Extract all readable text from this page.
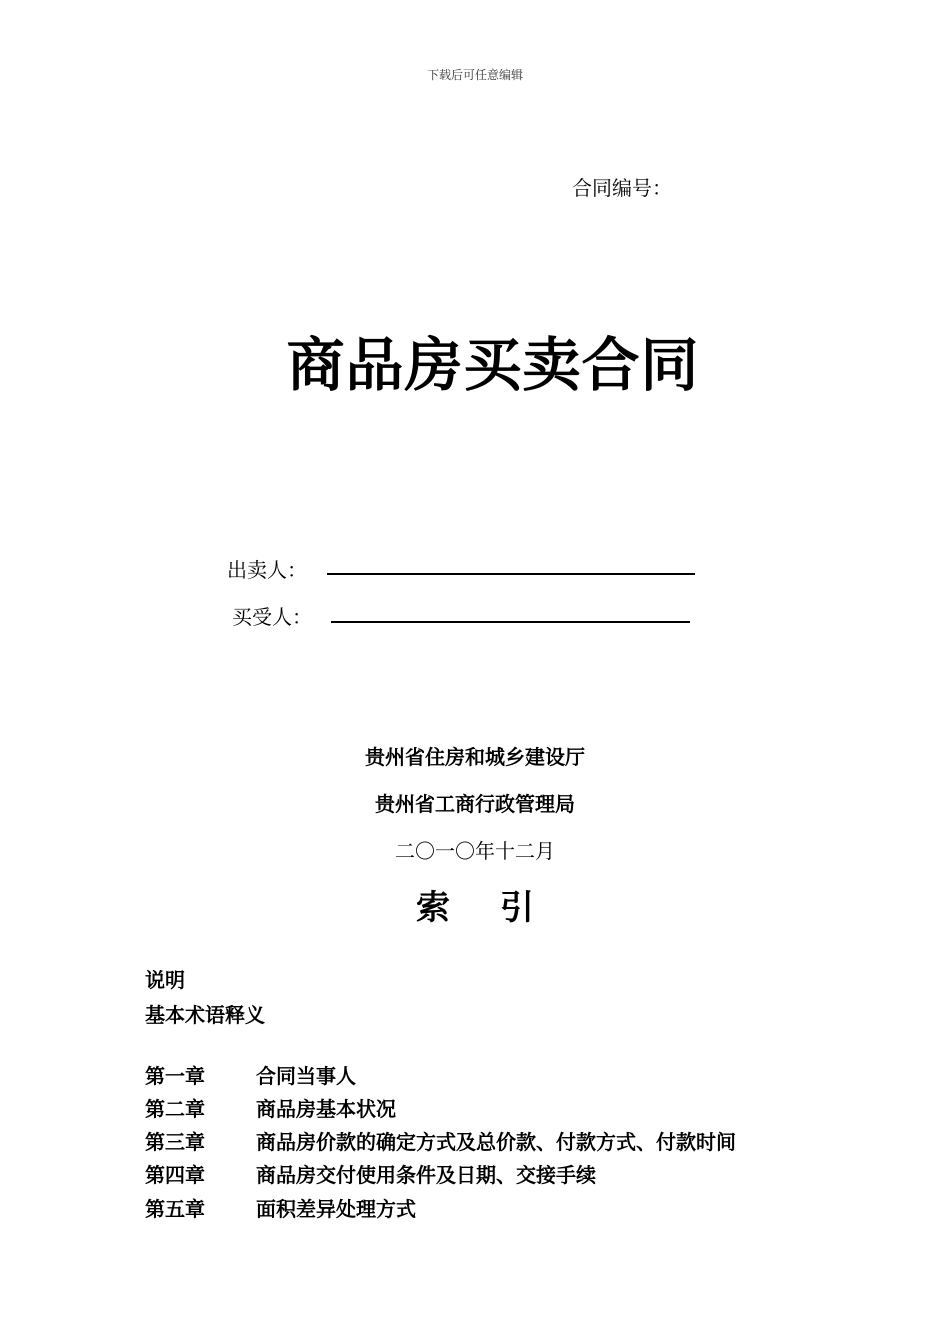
下载后可任意编辑
合同编号：
商品房买卖合同
出卖人：
买受人：
贵州省住房和城乡建设厅
贵州省工商行政管理局
二〇一〇年十二月
索引
说明
基本术语释义
第一章	合同当事人
第二章	商品房基本状况
第三章	商品房价款的确定方式及总价款、付款方式、付款时间
第四章	商品房交付使用条件及日期、交接手续
第五章	面积差异处理方式
